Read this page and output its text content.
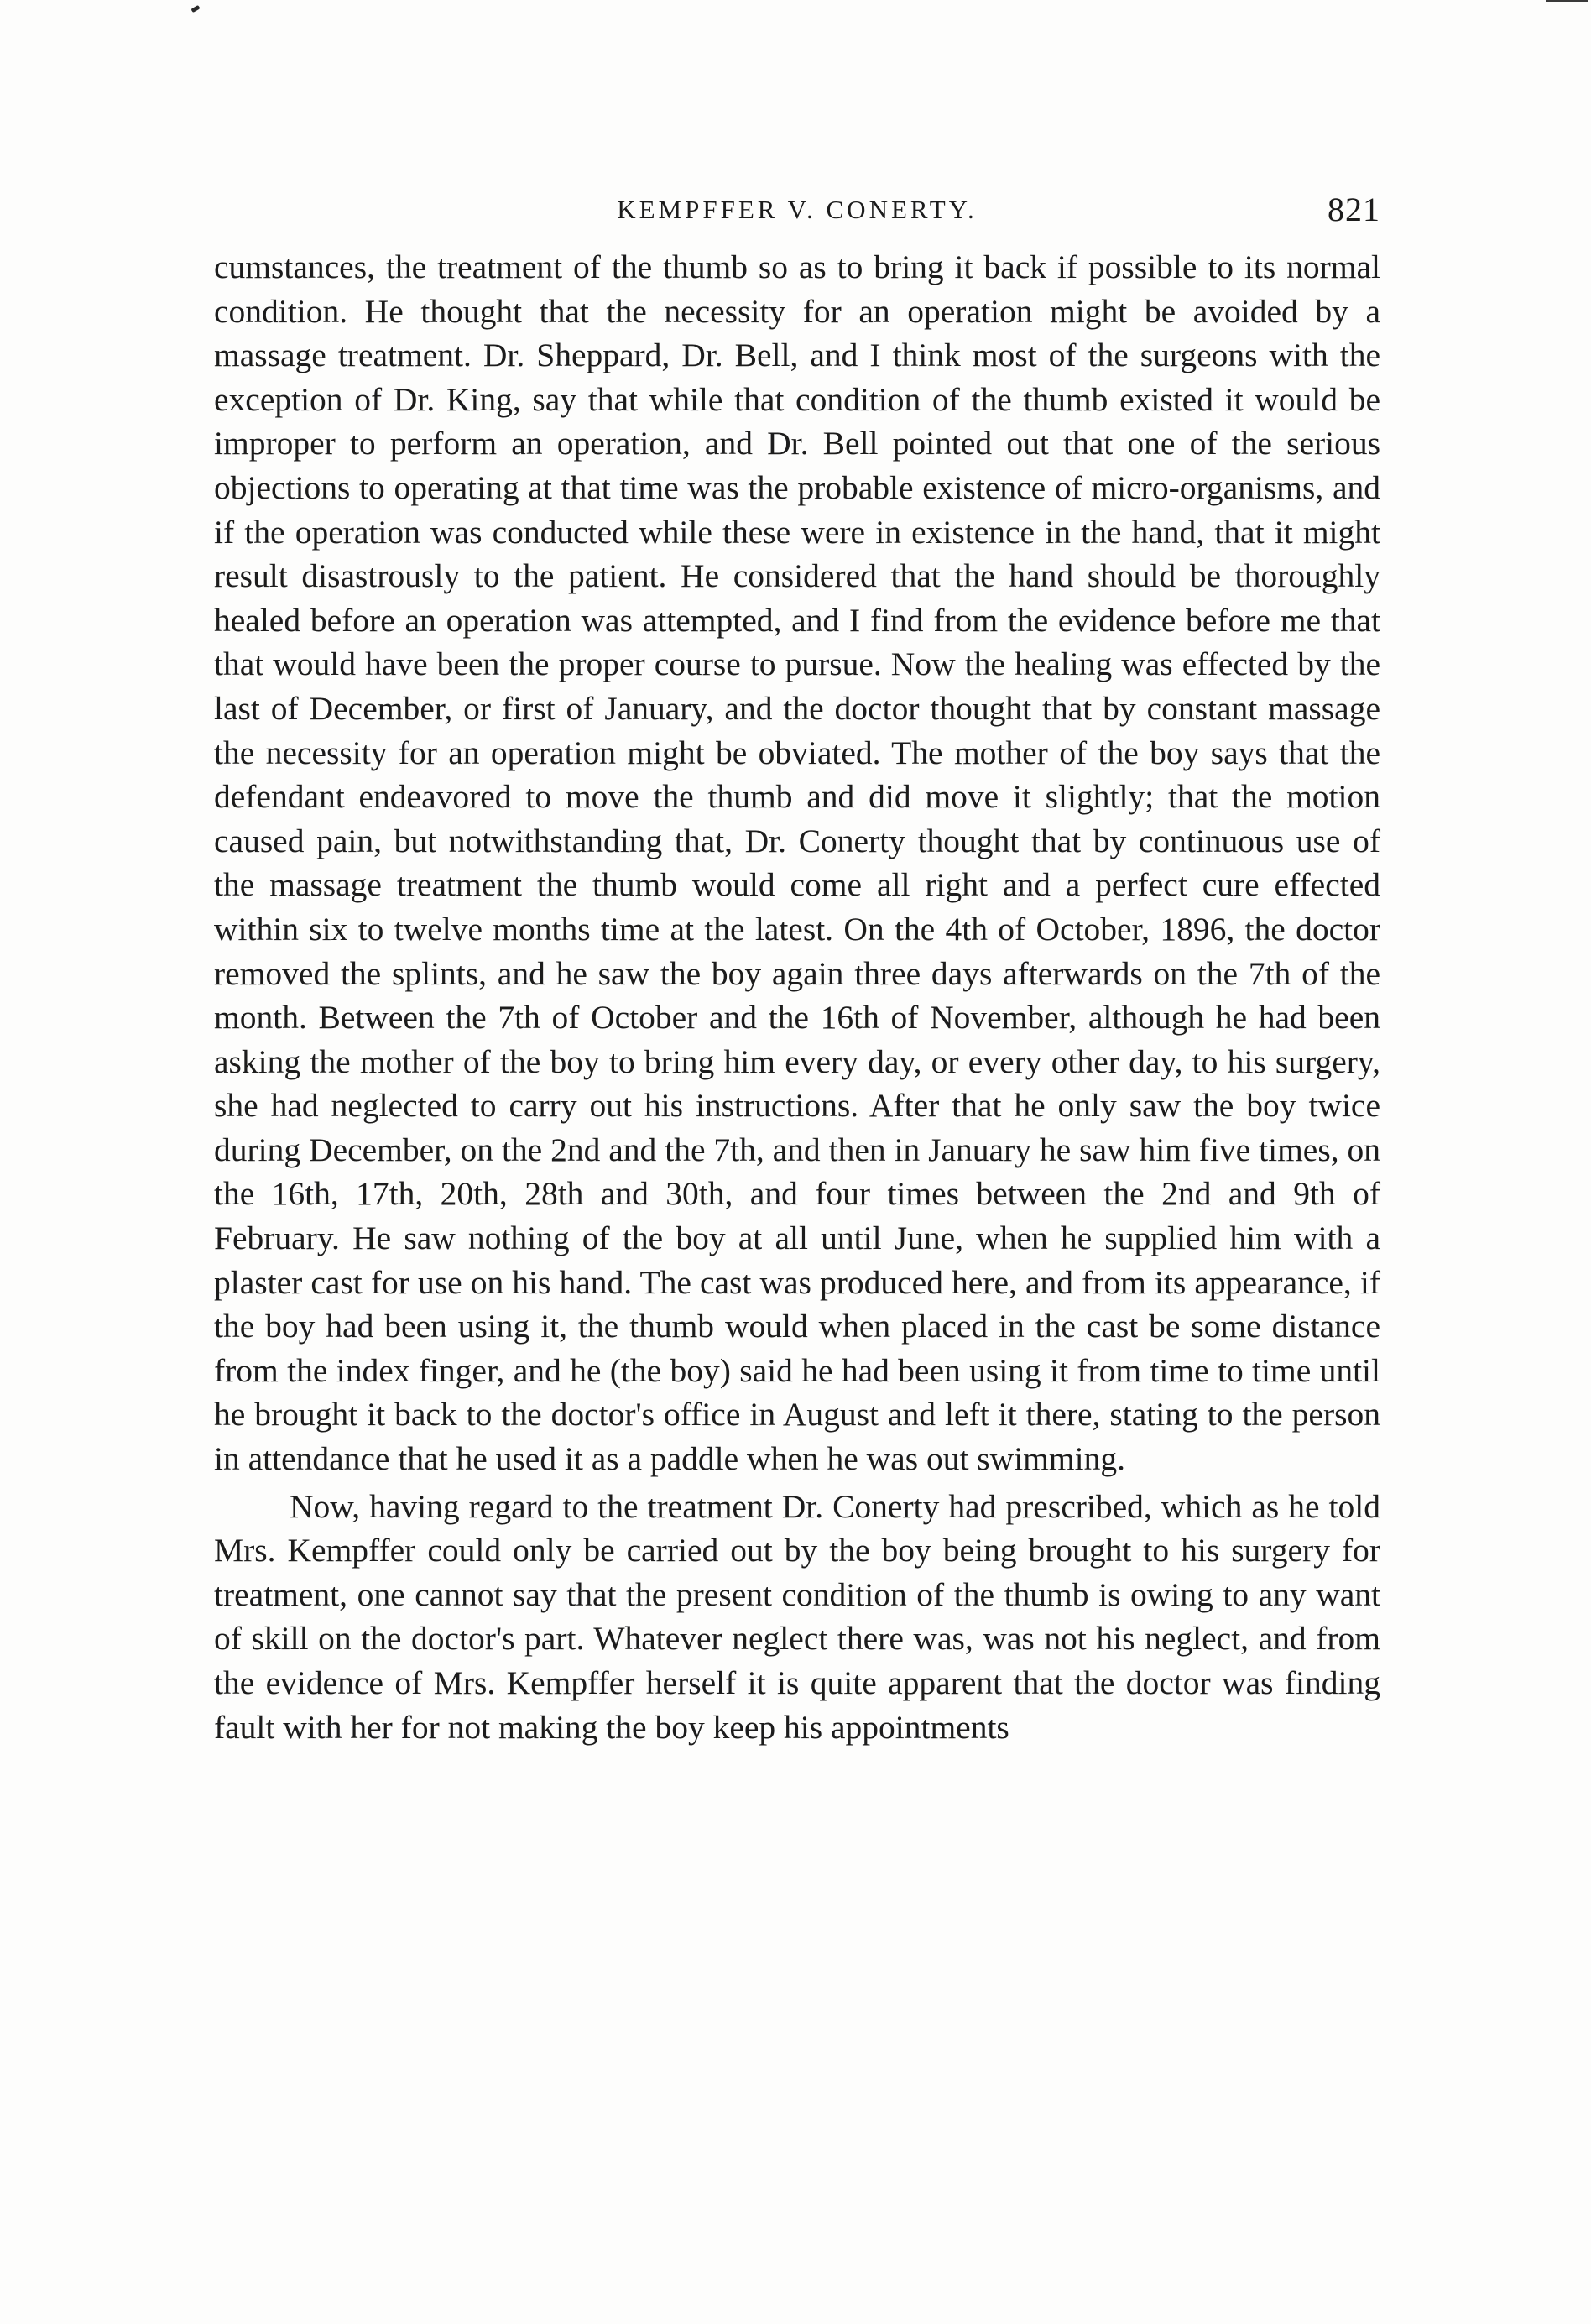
KEMPFFER V. CONERTY.	821

cumstances, the treatment of the thumb so as to bring it back if possible to its normal condition. He thought that the necessity for an operation might be avoided by a massage treatment. Dr. Sheppard, Dr. Bell, and I think most of the surgeons with the exception of Dr. King, say that while that condition of the thumb existed it would be improper to perform an operation, and Dr. Bell pointed out that one of the serious objections to operating at that time was the probable existence of micro-organisms, and if the operation was conducted while these were in existence in the hand, that it might result disastrously to the patient. He considered that the hand should be thoroughly healed before an operation was attempted, and I find from the evidence before me that that would have been the proper course to pursue. Now the healing was effected by the last of December, or first of January, and the doctor thought that by constant massage the necessity for an operation might be obviated. The mother of the boy says that the defendant endeavored to move the thumb and did move it slightly; that the motion caused pain, but notwithstanding that, Dr. Conerty thought that by continuous use of the massage treatment the thumb would come all right and a perfect cure effected within six to twelve months time at the latest. On the 4th of October, 1896, the doctor removed the splints, and he saw the boy again three days afterwards on the 7th of the month. Between the 7th of October and the 16th of November, although he had been asking the mother of the boy to bring him every day, or every other day, to his surgery, she had neglected to carry out his instructions. After that he only saw the boy twice during December, on the 2nd and the 7th, and then in January he saw him five times, on the 16th, 17th, 20th, 28th and 30th, and four times between the 2nd and 9th of February. He saw nothing of the boy at all until June, when he supplied him with a plaster cast for use on his hand. The cast was produced here, and from its appearance, if the boy had been using it, the thumb would when placed in the cast be some distance from the index finger, and he (the boy) said he had been using it from time to time until he brought it back to the doctor's office in August and left it there, stating to the person in attendance that he used it as a paddle when he was out swimming.

Now, having regard to the treatment Dr. Conerty had prescribed, which as he told Mrs. Kempffer could only be carried out by the boy being brought to his surgery for treatment, one cannot say that the present condition of the thumb is owing to any want of skill on the doctor's part. Whatever neglect there was, was not his neglect, and from the evidence of Mrs. Kempffer herself it is quite apparent that the doctor was finding fault with her for not making the boy keep his appointments
